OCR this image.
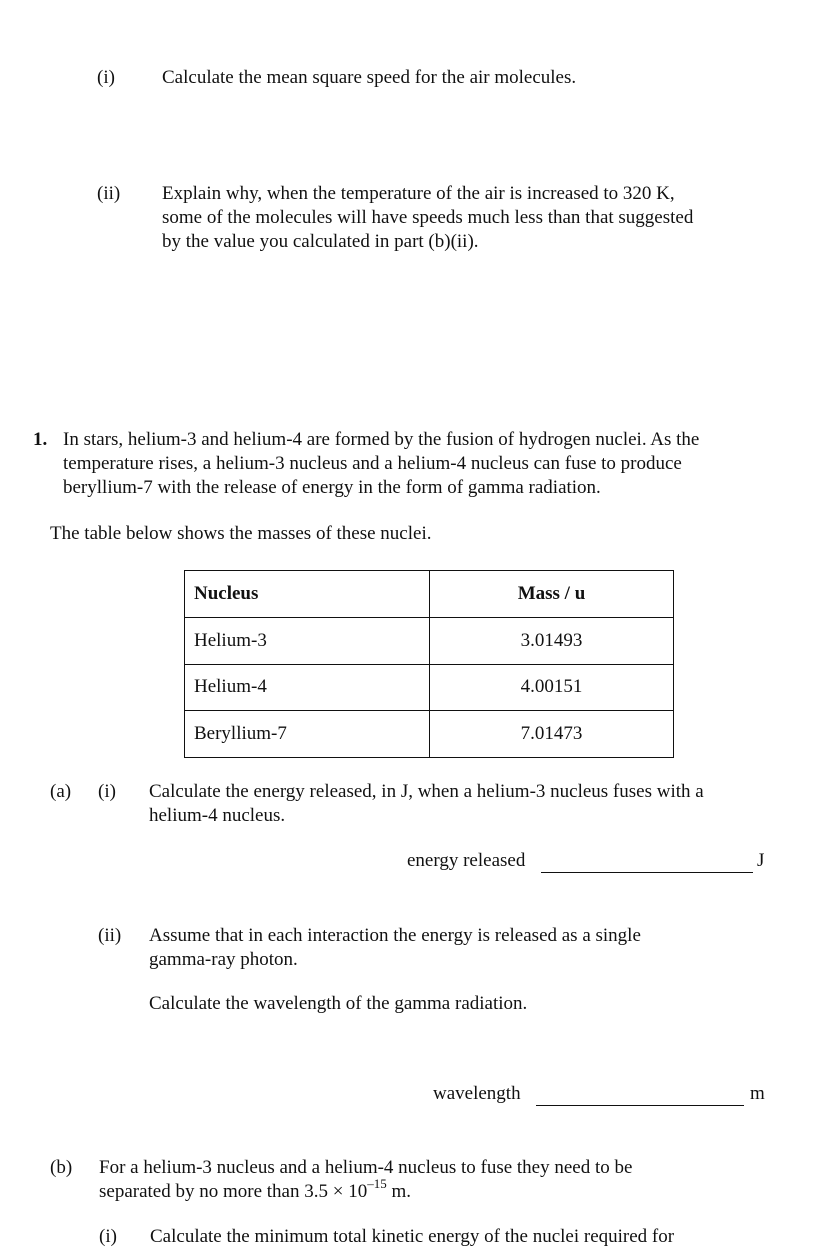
(i) Calculate the mean square speed for the air molecules.
(ii) Explain why, when the temperature of the air is increased to 320 K,
some of the molecules will have speeds much less than that suggested
by the value you calculated in part (b)(ii).
1. In stars, helium-3 and helium-4 are formed by the fusion of hydrogen nuclei. As the
temperature rises, a helium-3 nucleus and a helium-4 nucleus can fuse to produce
beryllium-7 with the release of energy in the form of gamma radiation.
The table below shows the masses of these nuclei.
Nucleus	Mass / u
Helium-3	3.01493
Helium-4	4.00151
Beryllium-7	7.01473
(a) (i) Calculate the energy released, in J, when a helium-3 nucleus fuses with a
helium-4 nucleus.
energy released	J
(ii) Assume that in each interaction the energy is released as a single
gamma-ray photon.
Calculate the wavelength of the gamma radiation.
wavelength	m
(b) For a helium-3 nucleus and a helium-4 nucleus to fuse they need to be
separated by no more than $3.5 \times 10^{-15}$ m.
(i) Calculate the minimum total kinetic energy of the nuclei required for
